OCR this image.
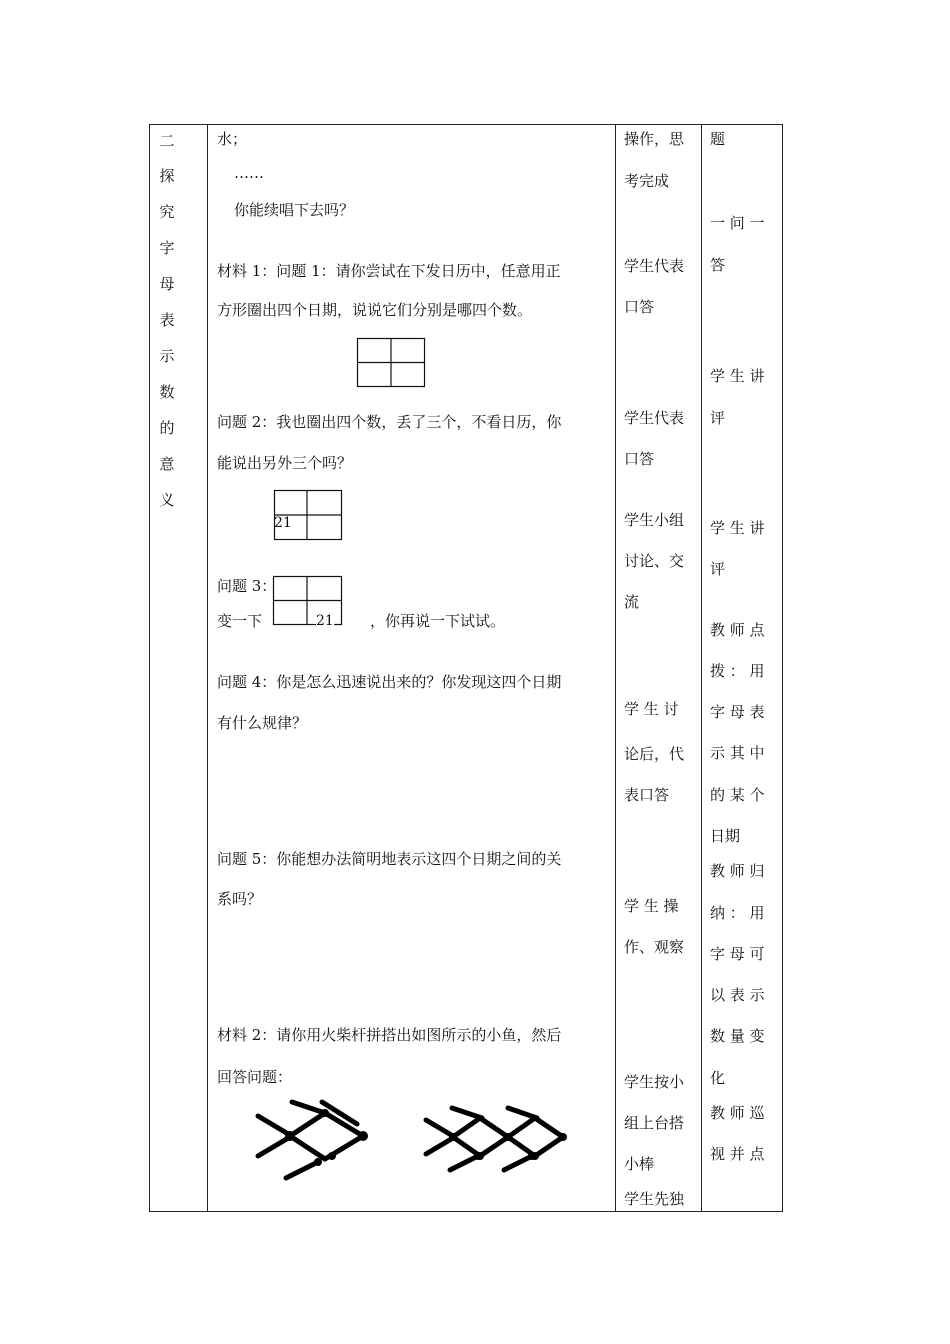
二
探
究
字
母
表
示
数
的
意
义
水；
……
你能续唱下去吗？
材料 1：问题 1：请你尝试在下发日历中，任意用正
方形圈出四个日期，说说它们分别是哪四个数。
问题 2：我也圈出四个数，丢了三个，不看日历，你
能说出另外三个吗？
21
问题 3：
变一下	21 ，你再说一下试试。
问题 4：你是怎么迅速说出来的？你发现这四个日期
有什么规律？
问题 5：你能想办法简明地表示这四个日期之间的关
系吗？
材料 2：请你用火柴杆拼搭出如图所示的小鱼，然后
回答问题：
操作，思
考完成
学生代表
口答
学生代表
口答
学生小组
讨论、交
流
学 生 讨
论后，代
表口答
学 生 操
作、观察
学生按小
组上台搭
小棒
学生先独
题
一 问 一
答
学 生 讲
评
学 生 讲
评
教 师 点
拨 ： 用
字 母 表
示 其 中
的 某 个
日期
教 师 归
纳 ： 用
字 母 可
以 表 示
数 量 变
化
教 师 巡
视 并 点
